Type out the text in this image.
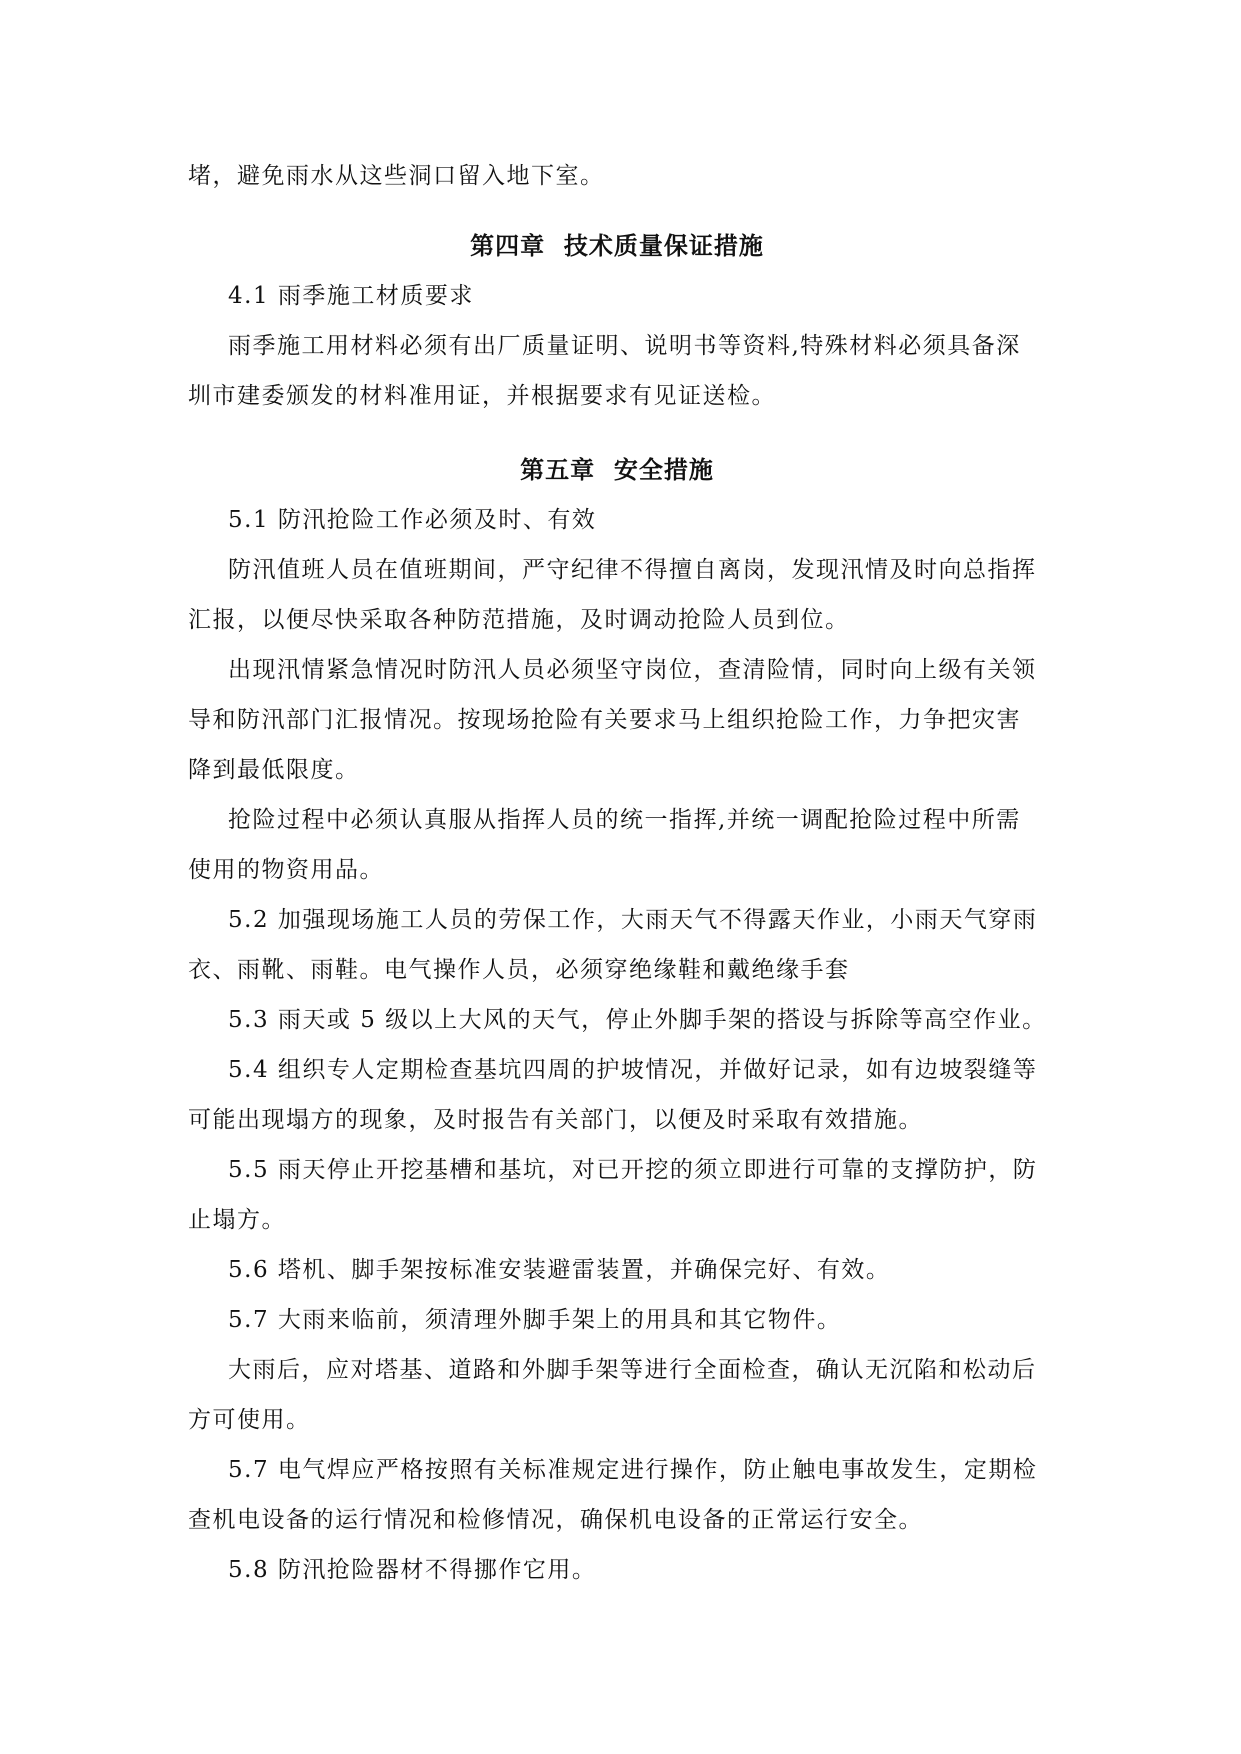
堵，避免雨水从这些洞口留入地下室。
第四章  技术质量保证措施
4.1 雨季施工材质要求
雨季施工用材料必须有出厂质量证明、说明书等资料,特殊材料必须具备深
圳市建委颁发的材料准用证，并根据要求有见证送检。
第五章  安全措施
5.1 防汛抢险工作必须及时、有效
防汛值班人员在值班期间，严守纪律不得擅自离岗，发现汛情及时向总指挥
汇报，以便尽快采取各种防范措施，及时调动抢险人员到位。
出现汛情紧急情况时防汛人员必须坚守岗位，查清险情，同时向上级有关领
导和防汛部门汇报情况。按现场抢险有关要求马上组织抢险工作，力争把灾害
降到最低限度。
抢险过程中必须认真服从指挥人员的统一指挥,并统一调配抢险过程中所需
使用的物资用品。
5.2 加强现场施工人员的劳保工作，大雨天气不得露天作业，小雨天气穿雨
衣、雨靴、雨鞋。电气操作人员，必须穿绝缘鞋和戴绝缘手套
5.3 雨天或 5 级以上大风的天气，停止外脚手架的搭设与拆除等高空作业。
5.4 组织专人定期检查基坑四周的护坡情况，并做好记录，如有边坡裂缝等
可能出现塌方的现象，及时报告有关部门，以便及时采取有效措施。
5.5 雨天停止开挖基槽和基坑，对已开挖的须立即进行可靠的支撑防护，防
止塌方。
5.6 塔机、脚手架按标准安装避雷装置，并确保完好、有效。
5.7 大雨来临前，须清理外脚手架上的用具和其它物件。
大雨后，应对塔基、道路和外脚手架等进行全面检查，确认无沉陷和松动后
方可使用。
5.7 电气焊应严格按照有关标准规定进行操作，防止触电事故发生，定期检
查机电设备的运行情况和检修情况，确保机电设备的正常运行安全。
5.8 防汛抢险器材不得挪作它用。
